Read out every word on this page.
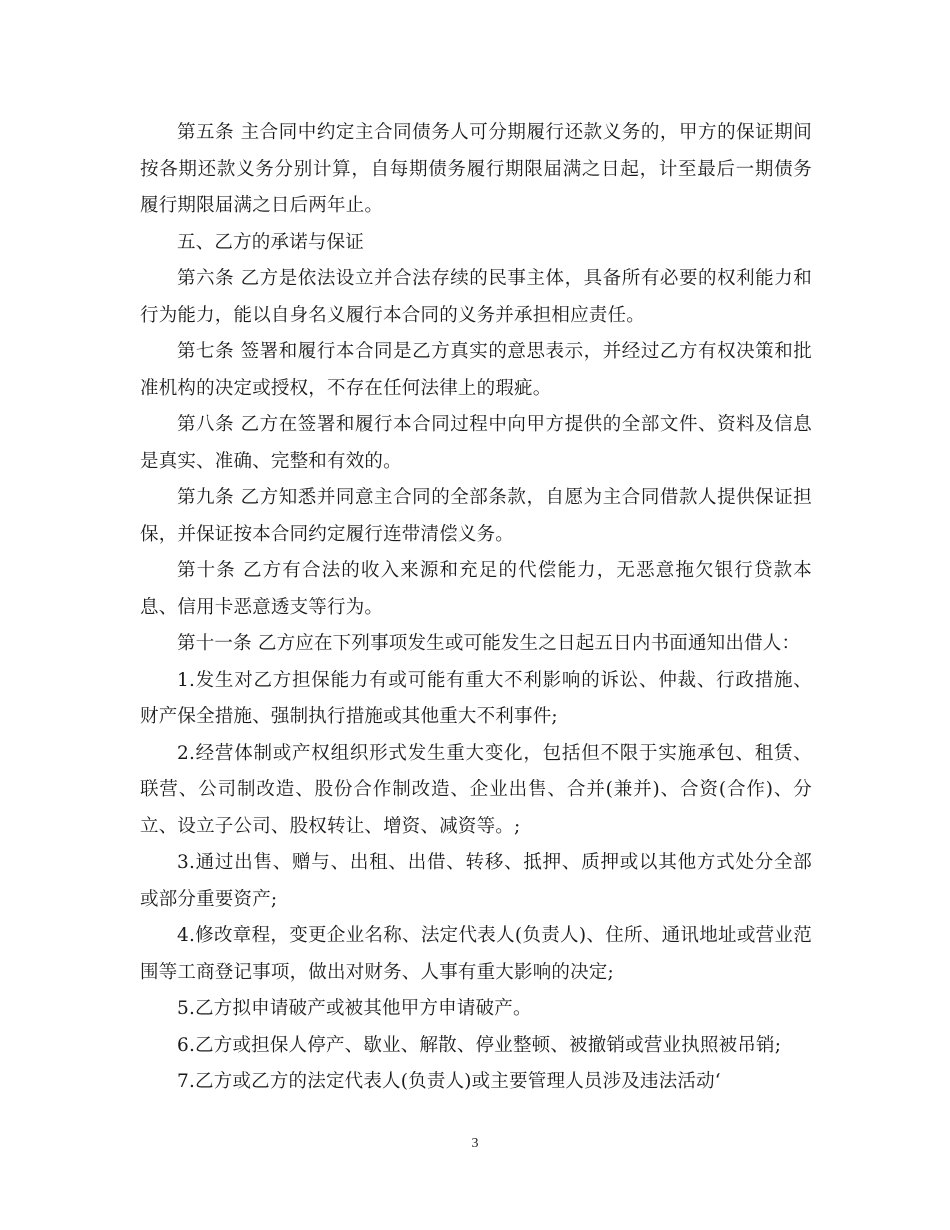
第五条 主合同中约定主合同债务人可分期履行还款义务的，甲方的保证期间按各期还款义务分别计算，自每期债务履行期限届满之日起，计至最后一期债务履行期限届满之日后两年止。

五、乙方的承诺与保证

第六条 乙方是依法设立并合法存续的民事主体，具备所有必要的权利能力和行为能力，能以自身名义履行本合同的义务并承担相应责任。

第七条 签署和履行本合同是乙方真实的意思表示，并经过乙方有权决策和批准机构的决定或授权，不存在任何法律上的瑕疵。

第八条 乙方在签署和履行本合同过程中向甲方提供的全部文件、资料及信息是真实、准确、完整和有效的。

第九条 乙方知悉并同意主合同的全部条款，自愿为主合同借款人提供保证担保，并保证按本合同约定履行连带清偿义务。

第十条 乙方有合法的收入来源和充足的代偿能力，无恶意拖欠银行贷款本息、信用卡恶意透支等行为。

第十一条 乙方应在下列事项发生或可能发生之日起五日内书面通知出借人：

1.发生对乙方担保能力有或可能有重大不利影响的诉讼、仲裁、行政措施、财产保全措施、强制执行措施或其他重大不利事件;

2.经营体制或产权组织形式发生重大变化，包括但不限于实施承包、租赁、联营、公司制改造、股份合作制改造、企业出售、合并(兼并)、合资(合作)、分立、设立子公司、股权转让、增资、减资等。;

3.通过出售、赠与、出租、出借、转移、抵押、质押或以其他方式处分全部或部分重要资产;

4.修改章程，变更企业名称、法定代表人(负责人)、住所、通讯地址或营业范围等工商登记事项，做出对财务、人事有重大影响的决定;

5.乙方拟申请破产或被其他甲方申请破产。

6.乙方或担保人停产、歇业、解散、停业整顿、被撤销或营业执照被吊销;

7.乙方或乙方的法定代表人(负责人)或主要管理人员涉及违法活动‘

3
